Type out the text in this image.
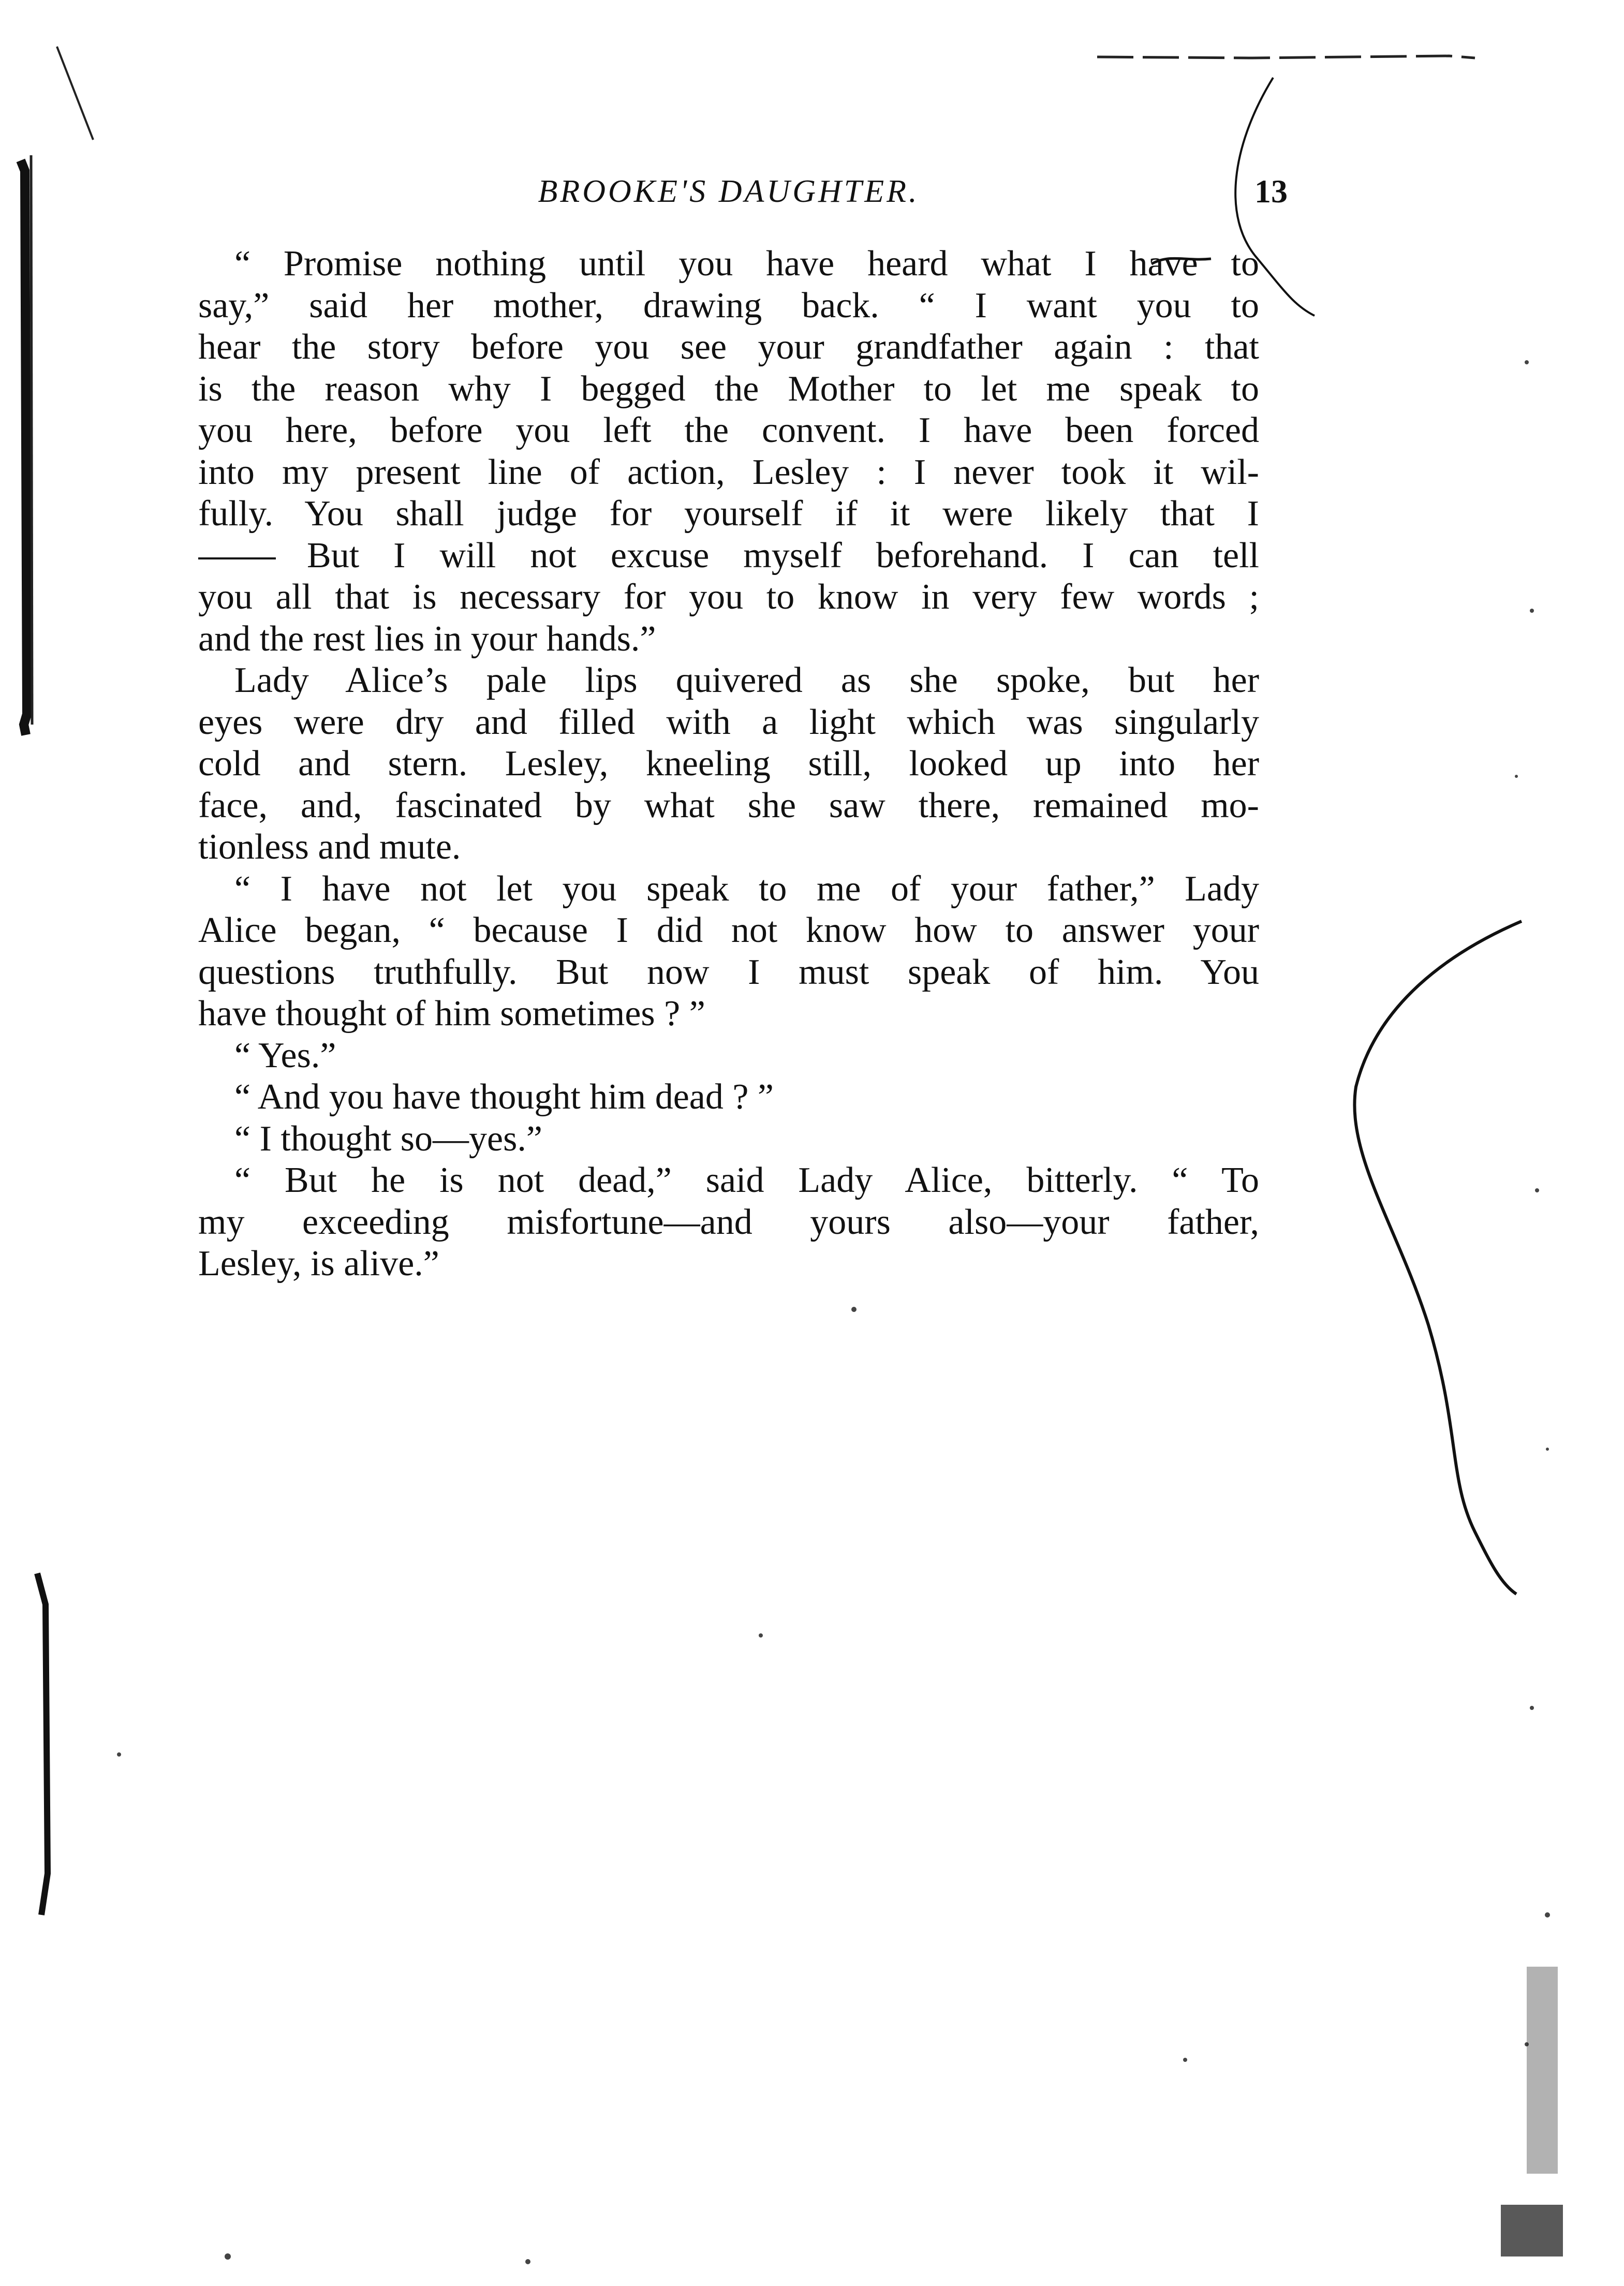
BROOKE'S DAUGHTER.	13
“ Promise nothing until you have heard what I have to
say,” said her mother, drawing back. “ I want you to
hear the story before you see your grandfather again : that
is the reason why I begged the Mother to let me speak to
you here, before you left the convent. I have been forced
into my present line of action, Lesley : I never took it wil-
fully. You shall judge for yourself if it were likely that I
But I will not excuse myself beforehand. I can tell
you all that is necessary for you to know in very few words ;
and the rest lies in your hands.”
Lady Alice’s pale lips quivered as she spoke, but her
eyes were dry and filled with a light which was singularly
cold and stern. Lesley, kneeling still, looked up into her
face, and, fascinated by what she saw there, remained mo-
tionless and mute.
“ I have not let you speak to me of your father,” Lady
Alice began, “ because I did not know how to answer your
questions truthfully. But now I must speak of him. You
have thought of him sometimes ? ”
“ Yes.”
“ And you have thought him dead ? ”
“ I thought so—yes.”
“ But he is not dead,” said Lady Alice, bitterly. “ To
my exceeding misfortune—and yours also—your father,
Lesley, is alive.”
